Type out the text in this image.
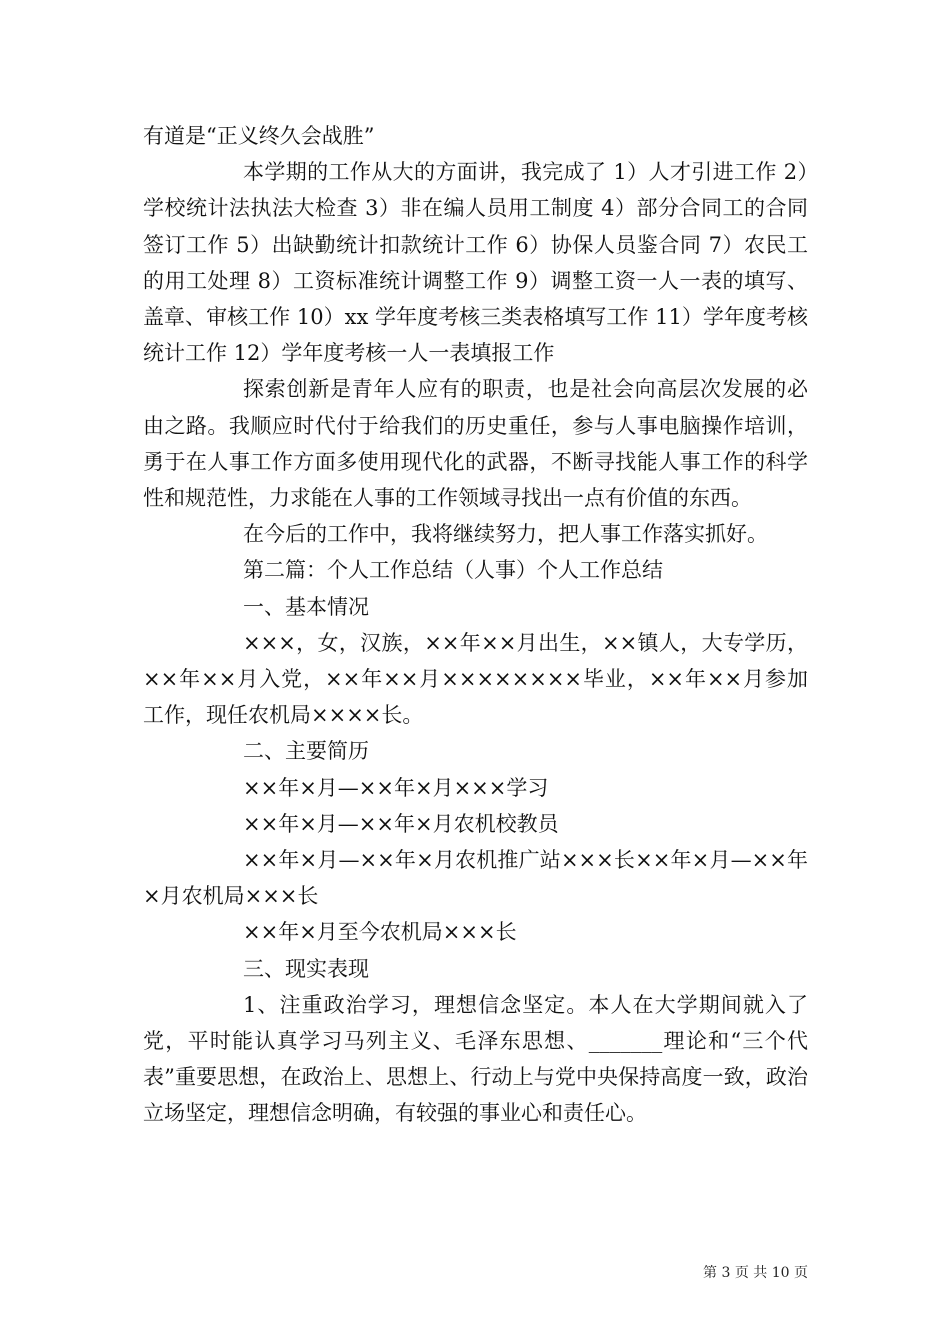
有道是“正义终久会战胜”

本学期的工作从大的方面讲，我完成了 1）人才引进工作 2）学校统计法执法大检查 3）非在编人员用工制度 4）部分合同工的合同签订工作 5）出缺勤统计扣款统计工作 6）协保人员鉴合同 7）农民工的用工处理 8）工资标准统计调整工作 9）调整工资一人一表的填写、盖章、审核工作 10）xx 学年度考核三类表格填写工作 11）学年度考核统计工作 12）学年度考核一人一表填报工作

探索创新是青年人应有的职责，也是社会向高层次发展的必由之路。我顺应时代付于给我们的历史重任，参与人事电脑操作培训，勇于在人事工作方面多使用现代化的武器，不断寻找能人事工作的科学性和规范性，力求能在人事的工作领域寻找出一点有价值的东西。

在今后的工作中，我将继续努力，把人事工作落实抓好。

第二篇：个人工作总结（人事）个人工作总结

一、基本情况

×××，女，汉族，××年××月出生，××镇人，大专学历，××年××月入党，××年××月××××××××毕业，××年××月参加工作，现任农机局××××长。

二、主要简历

××年×月—××年×月×××学习

××年×月—××年×月农机校教员

××年×月—××年×月农机推广站×××长××年×月—××年×月农机局×××长

××年×月至今农机局×××长

三、现实表现

1、注重政治学习，理想信念坚定。本人在大学期间就入了党，平时能认真学习马列主义、毛泽东思想、_______理论和“三个代表”重要思想，在政治上、思想上、行动上与党中央保持高度一致，政治立场坚定，理想信念明确，有较强的事业心和责任心。

第 3 页 共 10 页
